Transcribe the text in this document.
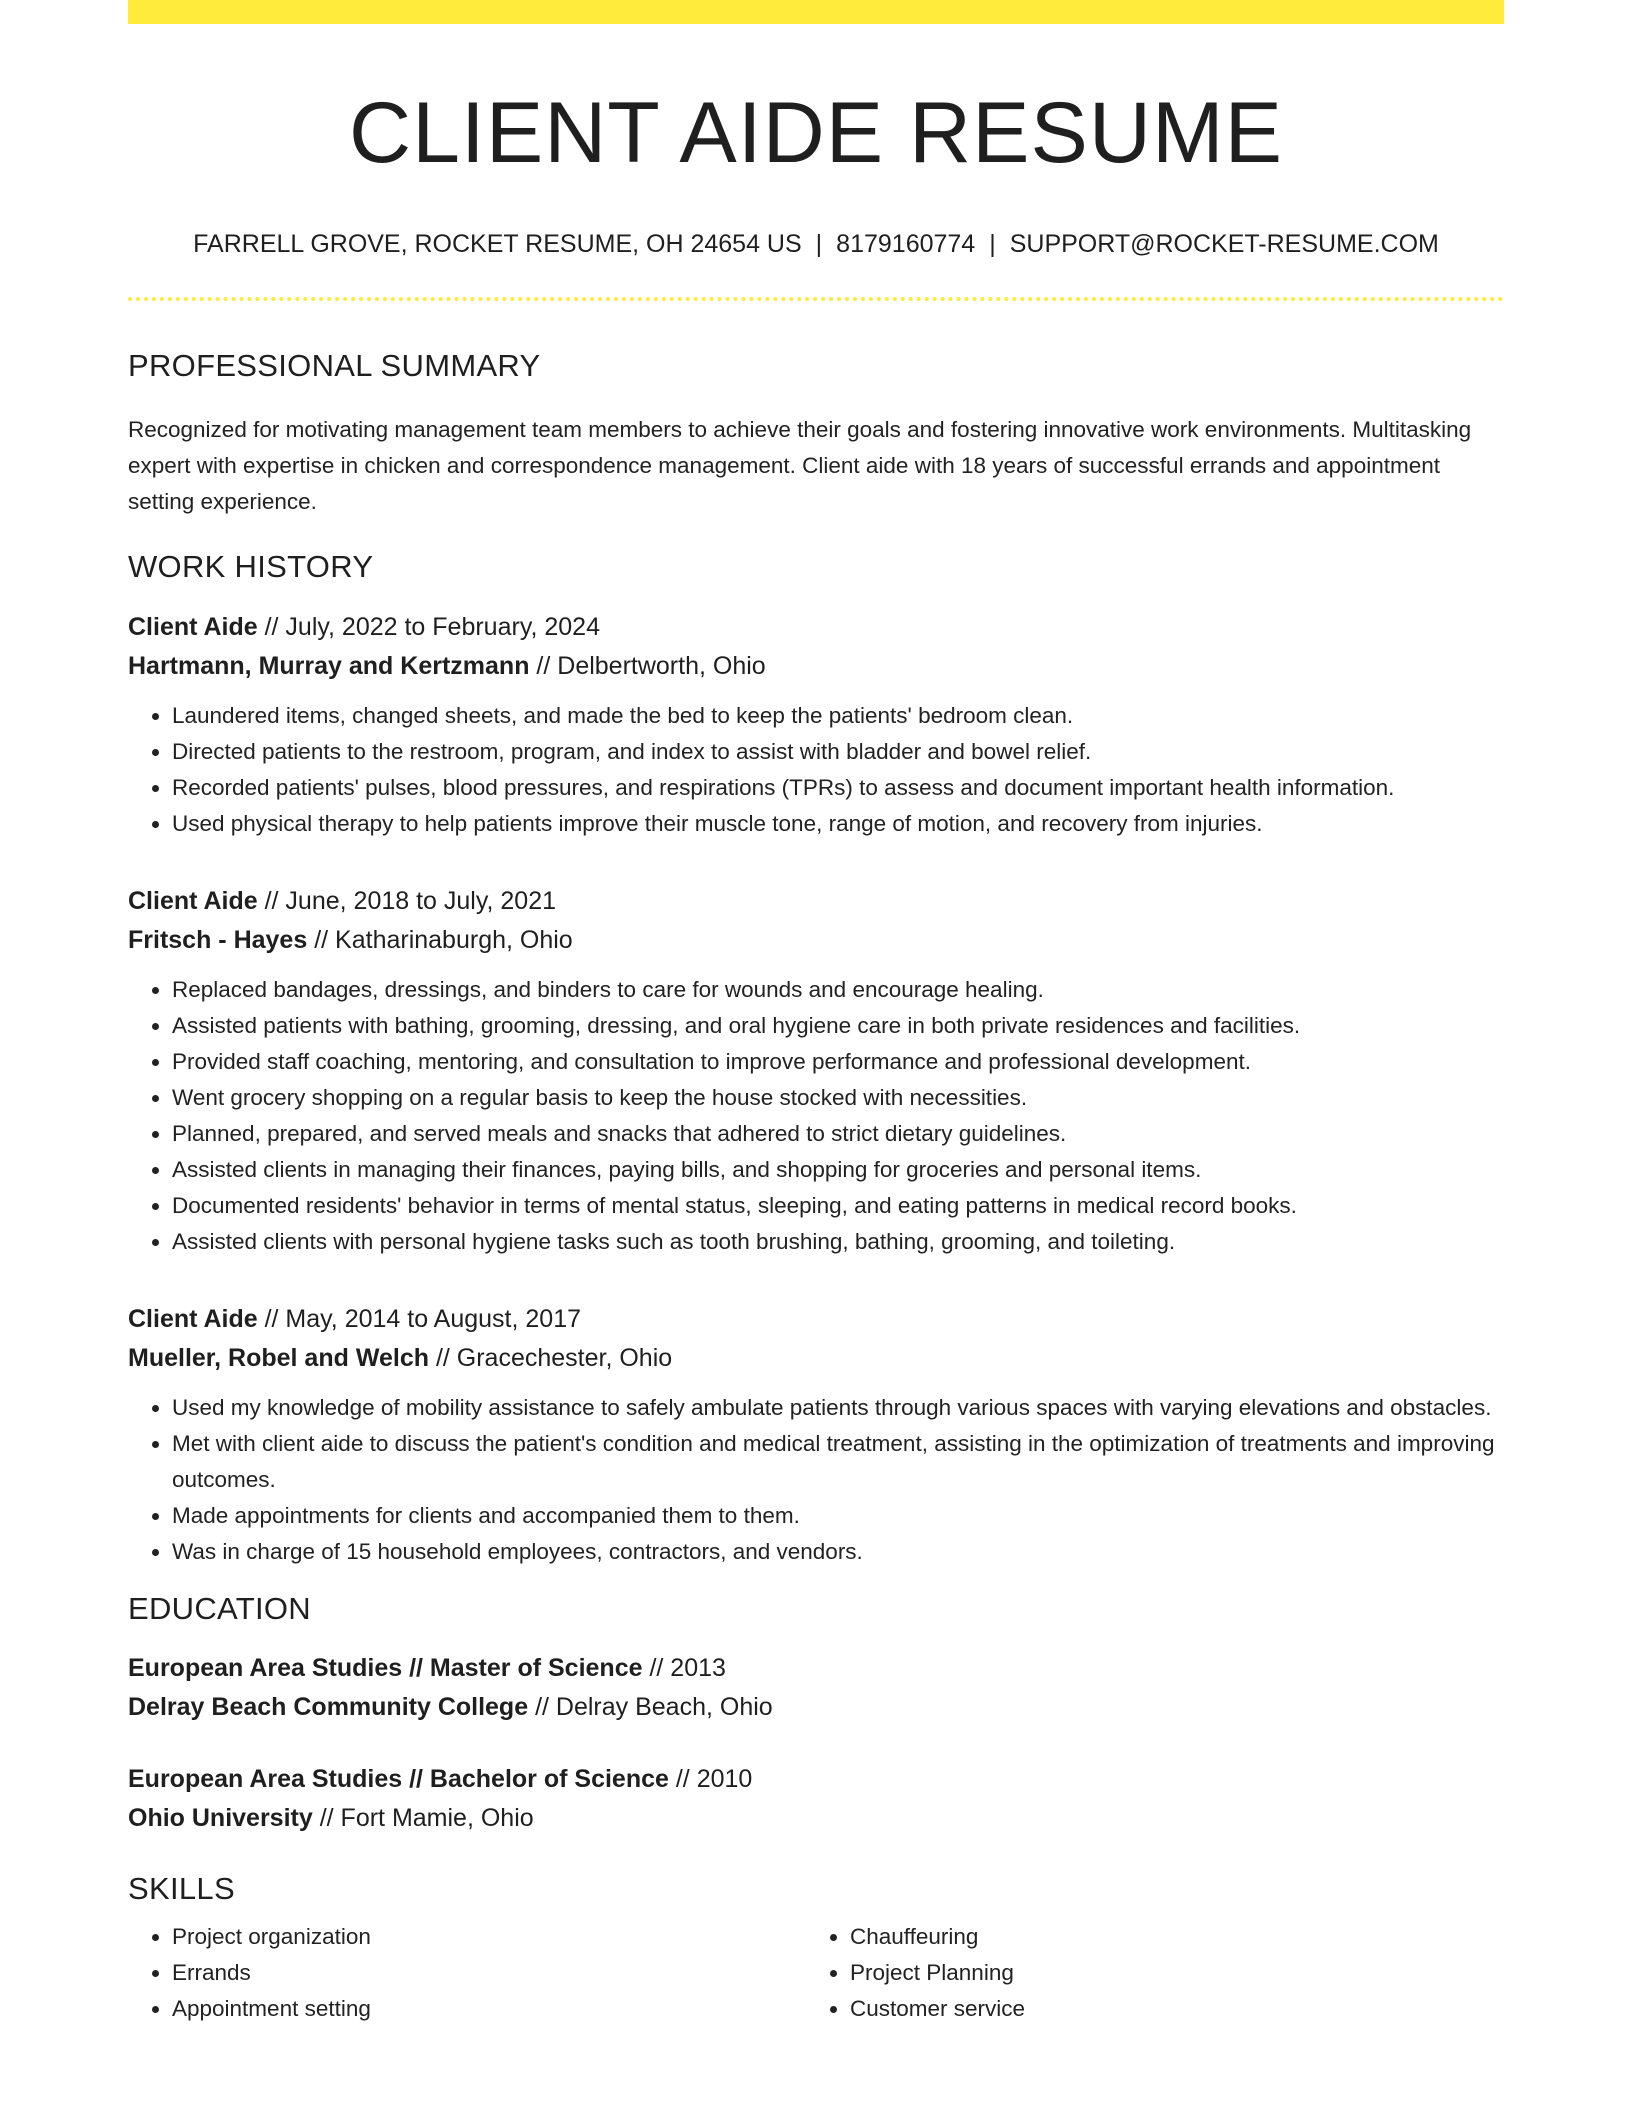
CLIENT AIDE RESUME
FARRELL GROVE, ROCKET RESUME, OH 24654 US | 8179160774 | SUPPORT@ROCKET-RESUME.COM
PROFESSIONAL SUMMARY
Recognized for motivating management team members to achieve their goals and fostering innovative work environments. Multitasking expert with expertise in chicken and correspondence management. Client aide with 18 years of successful errands and appointment setting experience.
WORK HISTORY
Client Aide // July, 2022 to February, 2024
Hartmann, Murray and Kertzmann // Delbertworth, Ohio
• Laundered items, changed sheets, and made the bed to keep the patients' bedroom clean.
• Directed patients to the restroom, program, and index to assist with bladder and bowel relief.
• Recorded patients' pulses, blood pressures, and respirations (TPRs) to assess and document important health information.
• Used physical therapy to help patients improve their muscle tone, range of motion, and recovery from injuries.
Client Aide // June, 2018 to July, 2021
Fritsch - Hayes // Katharinaburgh, Ohio
• Replaced bandages, dressings, and binders to care for wounds and encourage healing.
• Assisted patients with bathing, grooming, dressing, and oral hygiene care in both private residences and facilities.
• Provided staff coaching, mentoring, and consultation to improve performance and professional development.
• Went grocery shopping on a regular basis to keep the house stocked with necessities.
• Planned, prepared, and served meals and snacks that adhered to strict dietary guidelines.
• Assisted clients in managing their finances, paying bills, and shopping for groceries and personal items.
• Documented residents' behavior in terms of mental status, sleeping, and eating patterns in medical record books.
• Assisted clients with personal hygiene tasks such as tooth brushing, bathing, grooming, and toileting.
Client Aide // May, 2014 to August, 2017
Mueller, Robel and Welch // Gracechester, Ohio
• Used my knowledge of mobility assistance to safely ambulate patients through various spaces with varying elevations and obstacles.
• Met with client aide to discuss the patient's condition and medical treatment, assisting in the optimization of treatments and improving outcomes.
• Made appointments for clients and accompanied them to them.
• Was in charge of 15 household employees, contractors, and vendors.
EDUCATION
European Area Studies // Master of Science // 2013
Delray Beach Community College // Delray Beach, Ohio
European Area Studies // Bachelor of Science // 2010
Ohio University // Fort Mamie, Ohio
SKILLS
• Project organization
• Errands
• Appointment setting
• Chauffeuring
• Project Planning
• Customer service
